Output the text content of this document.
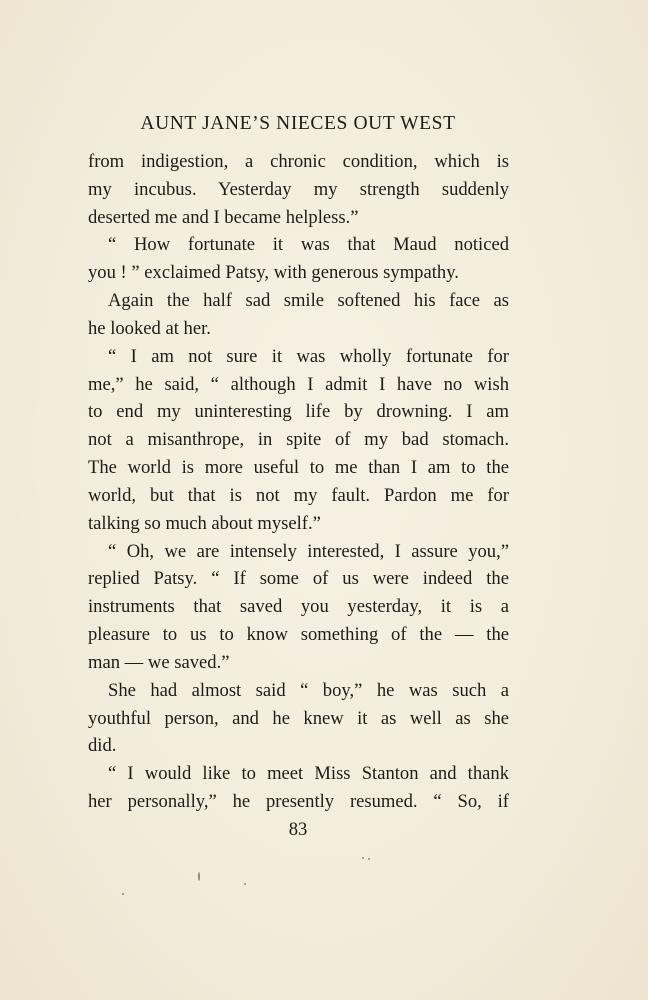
AUNT JANE’S NIECES OUT WEST
from indigestion, a chronic condition, which is
my incubus. Yesterday my strength suddenly
deserted me and I became helpless.”
“ How fortunate it was that Maud noticed
you ! ” exclaimed Patsy, with generous sympathy.
Again the half sad smile softened his face as
he looked at her.
“ I am not sure it was wholly fortunate for
me,” he said, “ although I admit I have no wish
to end my uninteresting life by drowning. I am
not a misanthrope, in spite of my bad stomach.
The world is more useful to me than I am to the
world, but that is not my fault. Pardon me for
talking so much about myself.”
“ Oh, we are intensely interested, I assure you,”
replied Patsy. “ If some of us were indeed the
instruments that saved you yesterday, it is a
pleasure to us to know something of the — the
man — we saved.”
She had almost said “ boy,” he was such a
youthful person, and he knew it as well as she
did.
“ I would like to meet Miss Stanton and thank
her personally,” he presently resumed. “ So, if
83
